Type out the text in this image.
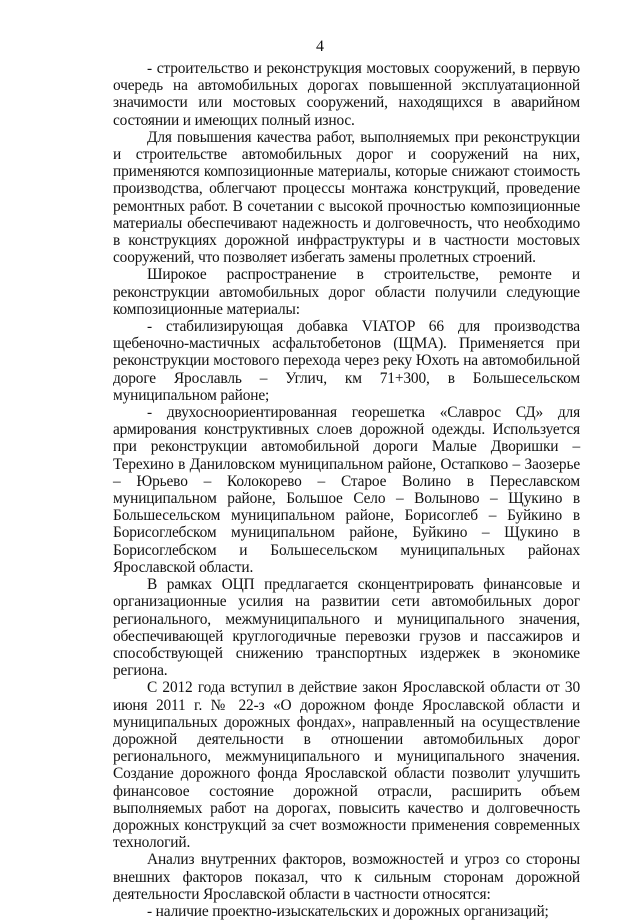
4

- строительство и реконструкция мостовых сооружений, в первую очередь на автомобильных дорогах повышенной эксплуатационной значимости или мостовых сооружений, находящихся в аварийном состоянии и имеющих полный износ.

Для повышения качества работ, выполняемых при реконструкции и строительстве автомобильных дорог и сооружений на них, применяются композиционные материалы, которые снижают стоимость производства, облегчают процессы монтажа конструкций, проведение ремонтных работ. В сочетании с высокой прочностью композиционные материалы обеспечивают надежность и долговечность, что необходимо в конструкциях дорожной инфраструктуры и в частности мостовых сооружений, что позволяет избегать замены пролетных строений.

Широкое распространение в строительстве, ремонте и реконструкции автомобильных дорог области получили следующие композиционные материалы:

- стабилизирующая добавка VIATOP 66 для производства щебеночно-мастичных асфальтобетонов (ЩМА). Применяется при реконструкции мостового перехода через реку Юхоть на автомобильной дороге Ярославль – Углич, км 71+300, в Большесельском муниципальном районе;

- двухосноориентированная георешетка «Славрос СД» для армирования конструктивных слоев дорожной одежды. Используется при реконструкции автомобильной дороги Малые Дворишки – Терехино в Даниловском муниципальном районе, Остапково – Заозерье – Юрьево – Колокорево – Старое Волино в Переславском муниципальном районе, Большое Село – Волыново – Щукино в Большесельском муниципальном районе, Борисоглеб – Буйкино в Борисоглебском муниципальном районе, Буйкино – Щукино в Борисоглебском и Большесельском муниципальных районах Ярославской области.

В рамках ОЦП предлагается сконцентрировать финансовые и организационные усилия на развитии сети автомобильных дорог регионального, межмуниципального и муниципального значения, обеспечивающей круглогодичные перевозки грузов и пассажиров и способствующей снижению транспортных издержек в экономике региона.

С 2012 года вступил в действие закон Ярославской области от 30 июня 2011 г. № 22-з «О дорожном фонде Ярославской области и муниципальных дорожных фондах», направленный на осуществление дорожной деятельности в отношении автомобильных дорог регионального, межмуниципального и муниципального значения. Создание дорожного фонда Ярославской области позволит улучшить финансовое состояние дорожной отрасли, расширить объем выполняемых работ на дорогах, повысить качество и долговечность дорожных конструкций за счет возможности применения современных технологий.

Анализ внутренних факторов, возможностей и угроз со стороны внешних факторов показал, что к сильным сторонам дорожной деятельности Ярославской области в частности относятся:

- наличие проектно-изыскательских и дорожных организаций;
